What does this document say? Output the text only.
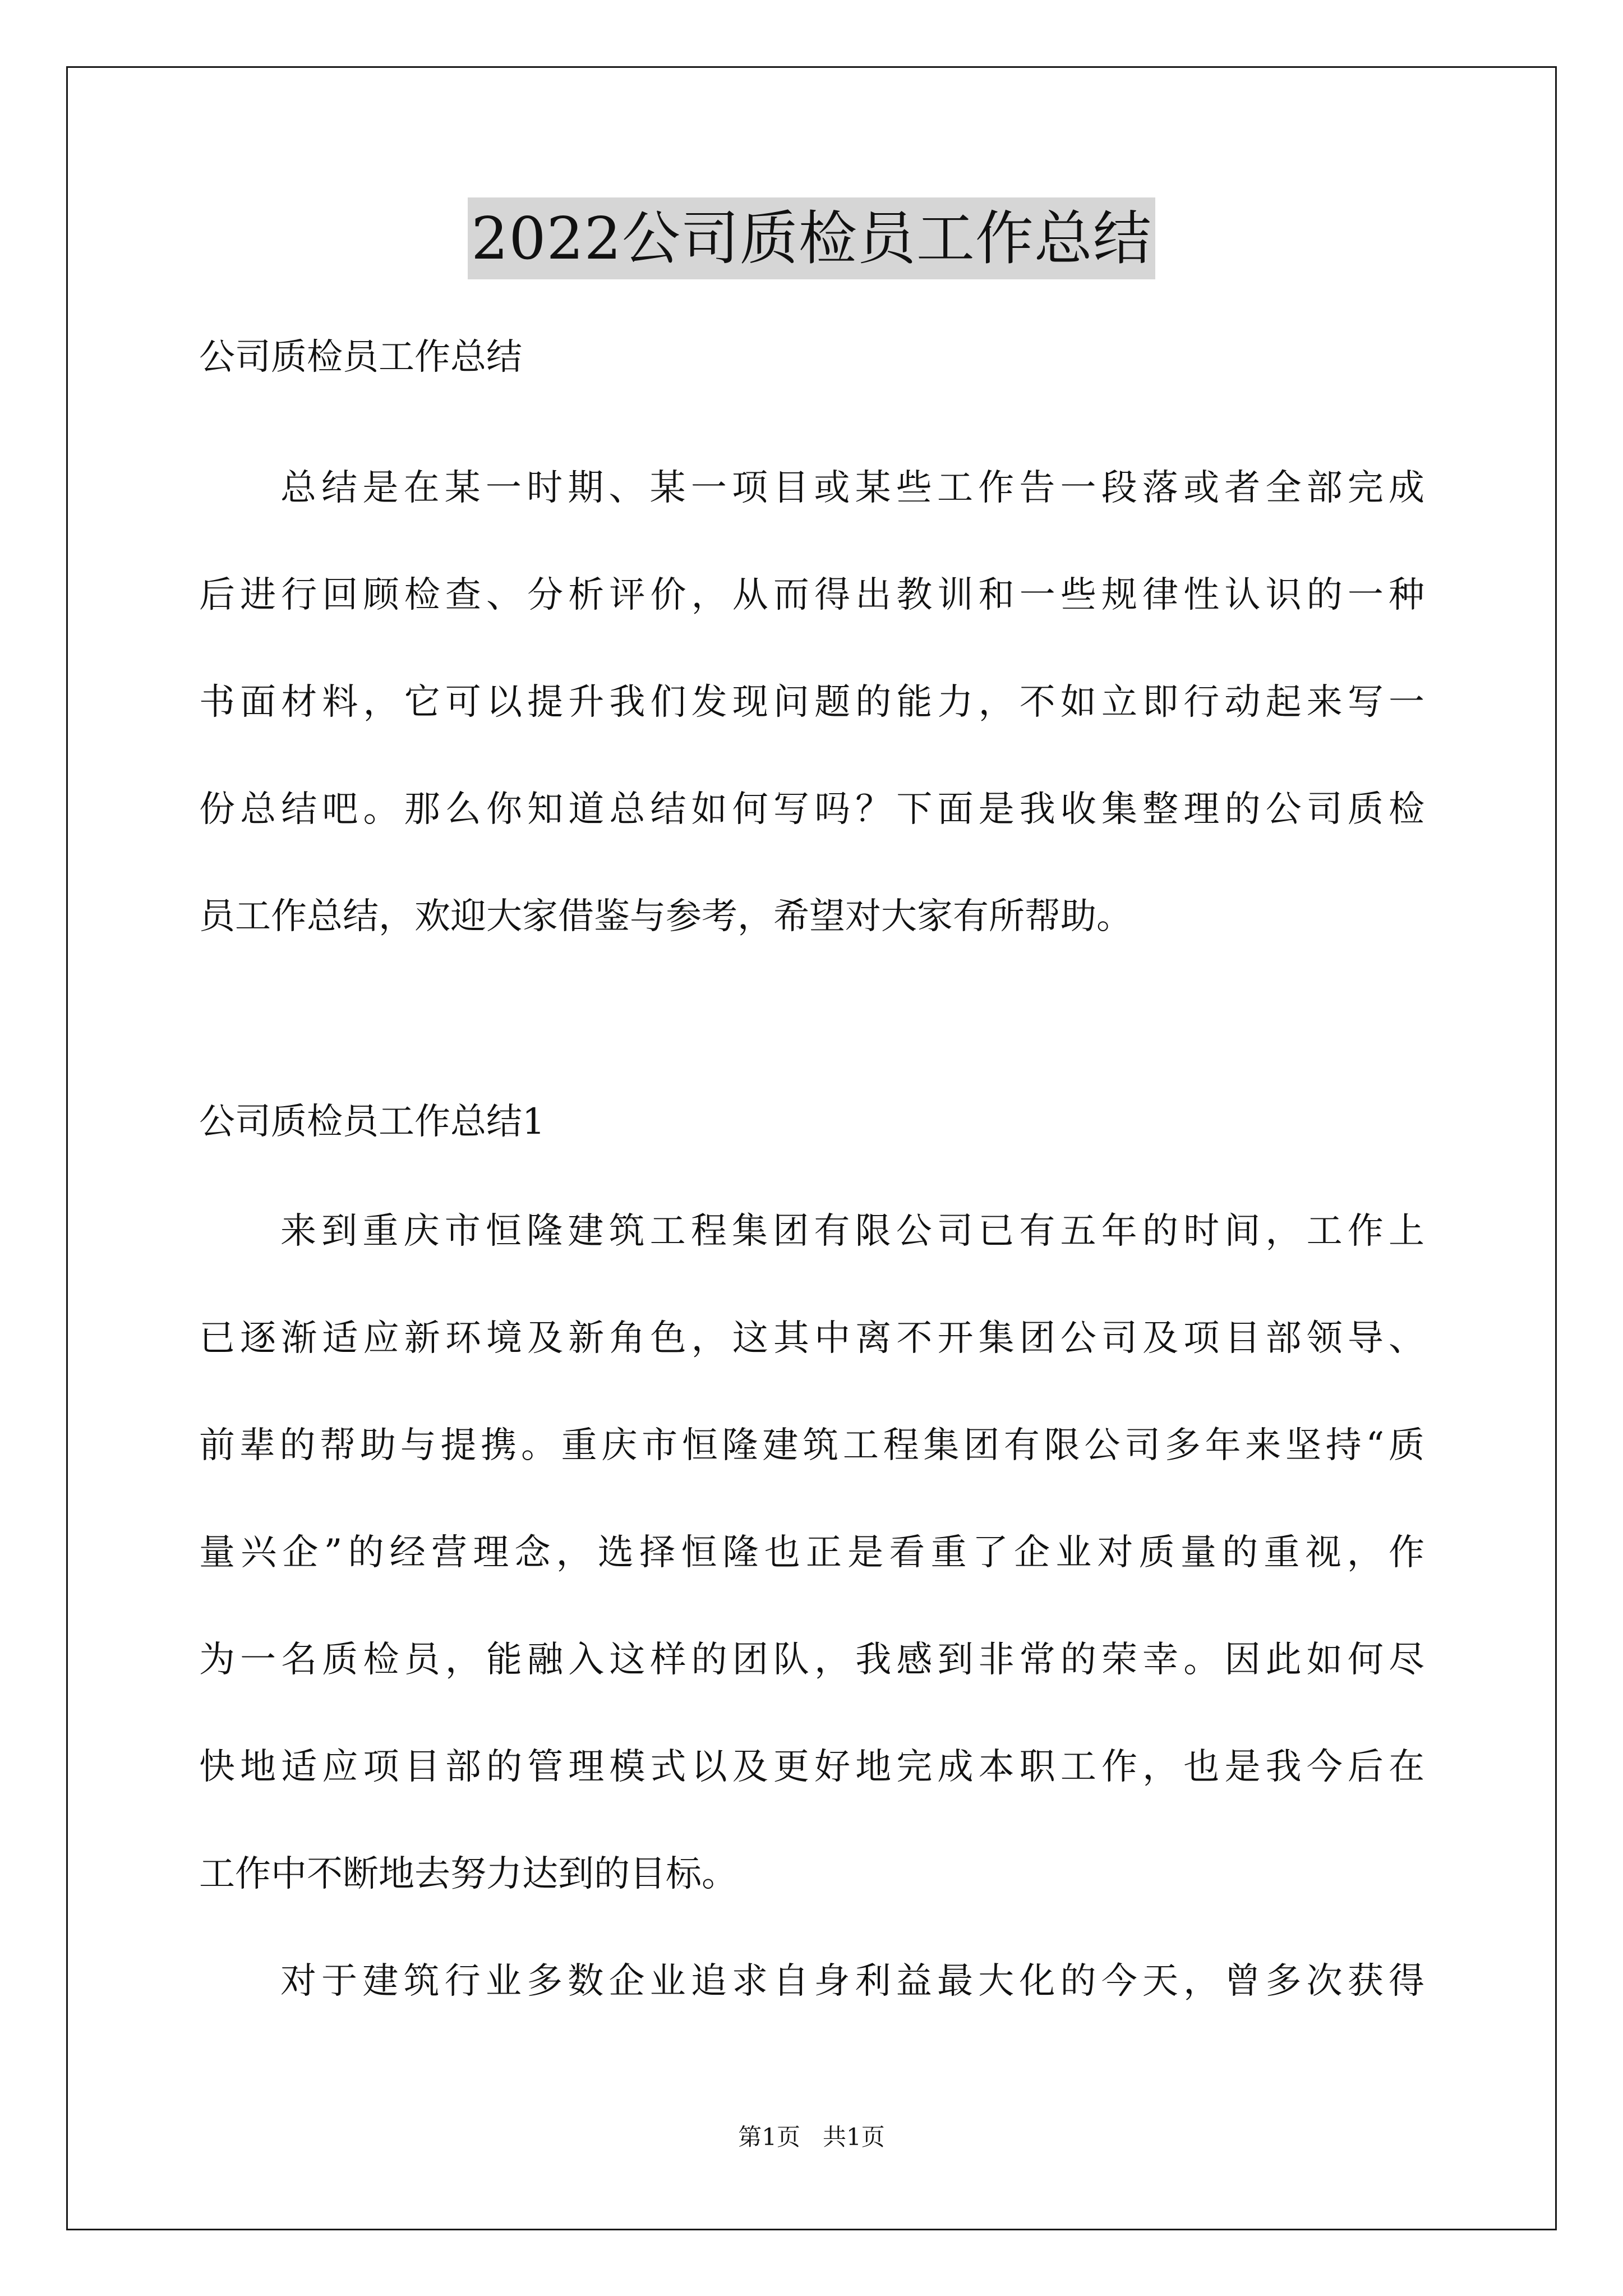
2022公司质检员工作总结

公司质检员工作总结

总结是在某一时期、某一项目或某些工作告一段落或者全部完成

后进行回顾检查、分析评价，从而得出教训和一些规律性认识的一种

书面材料，它可以提升我们发现问题的能力，不如立即行动起来写一

份总结吧。那么你知道总结如何写吗？下面是我收集整理的公司质检

员工作总结，欢迎大家借鉴与参考，希望对大家有所帮助。

公司质检员工作总结1

来到重庆市恒隆建筑工程集团有限公司已有五年的时间，工作上

已逐渐适应新环境及新角色，这其中离不开集团公司及项目部领导、

前辈的帮助与提携。重庆市恒隆建筑工程集团有限公司多年来坚持“质

量兴企”的经营理念，选择恒隆也正是看重了企业对质量的重视，作

为一名质检员，能融入这样的团队，我感到非常的荣幸。因此如何尽

快地适应项目部的管理模式以及更好地完成本职工作，也是我今后在

工作中不断地去努力达到的目标。

对于建筑行业多数企业追求自身利益最大化的今天，曾多次获得

第1页   共1页
